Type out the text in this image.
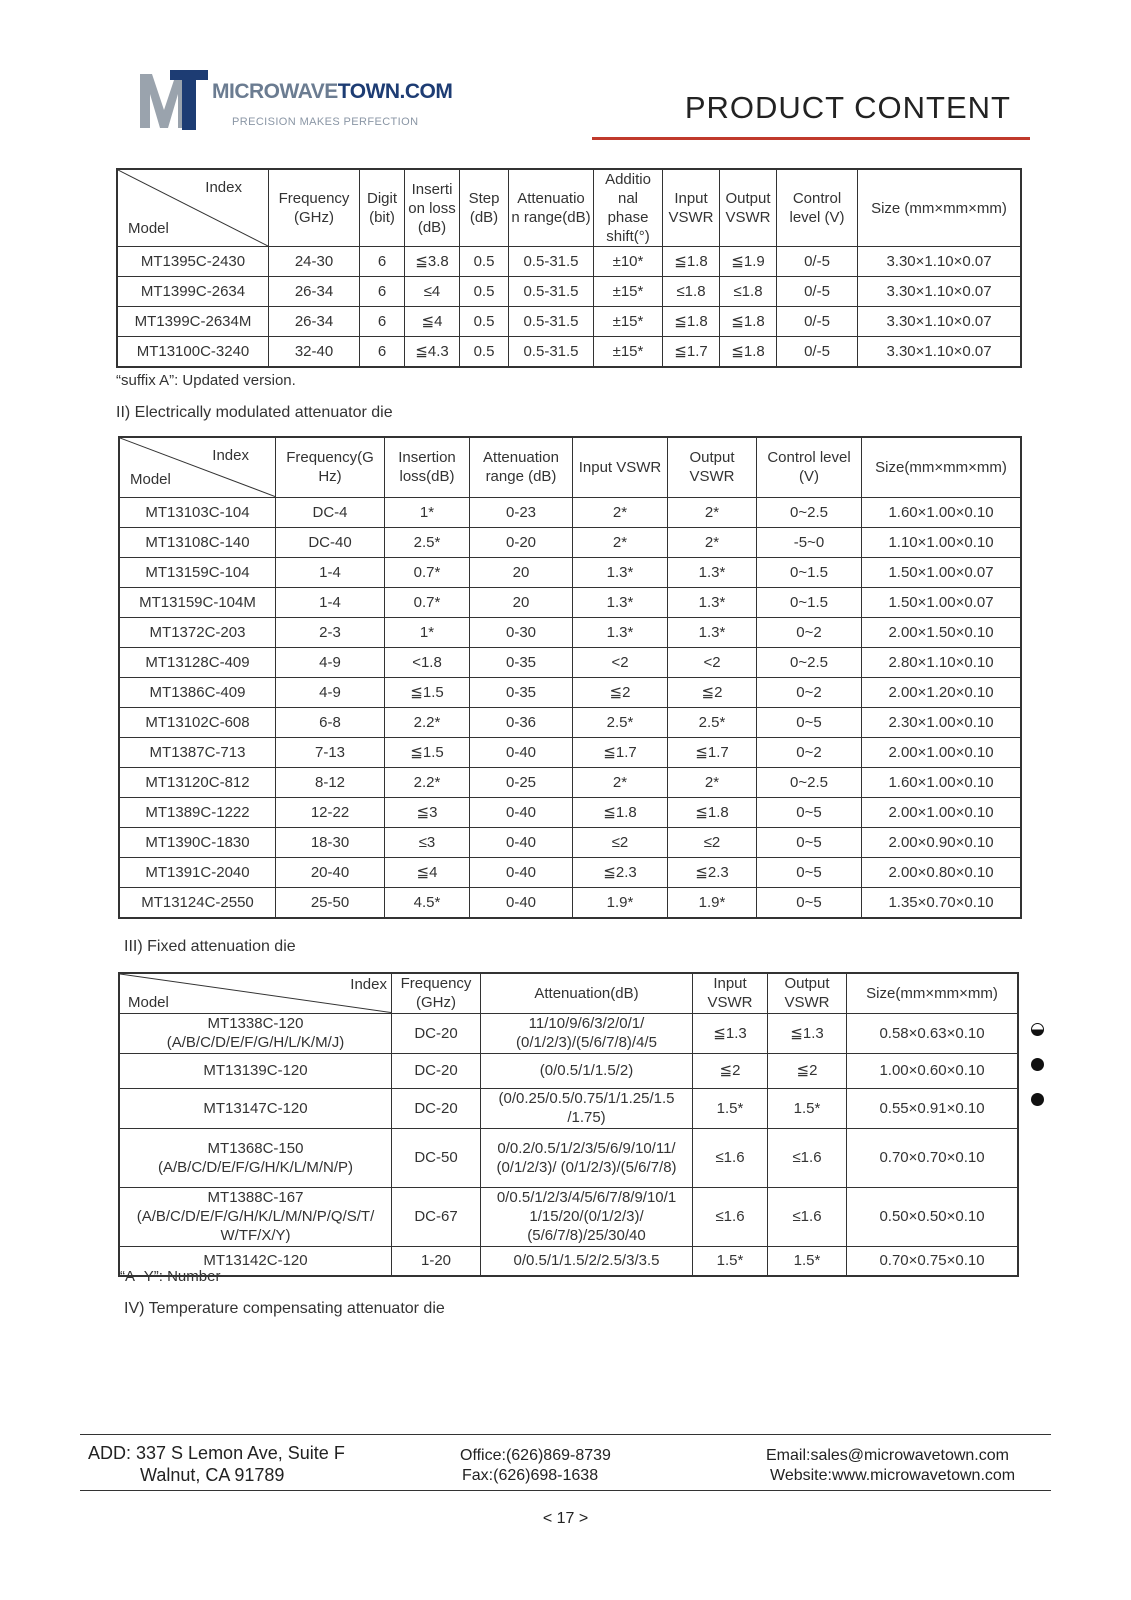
MICROWAVETOWN.COM
PRECISION MAKES PERFECTION	PRODUCT CONTENT
Index
Model	Frequency (GHz)	Digit (bit)	Inserti on loss (dB)	Step (dB)	Attenuatio n range(dB)	Additio nal phase shift(°)	Input VSWR	Output VSWR	Control level (V)	Size (mm×mm×mm)
MT1395C-2430	24-30	6	≦3.8	0.5	0.5-31.5	±10*	≦1.8	≦1.9	0/-5	3.30×1.10×0.07
MT1399C-2634	26-34	6	≤4	0.5	0.5-31.5	±15*	≤1.8	≤1.8	0/-5	3.30×1.10×0.07
MT1399C-2634M	26-34	6	≦4	0.5	0.5-31.5	±15*	≦1.8	≦1.8	0/-5	3.30×1.10×0.07
MT13100C-3240	32-40	6	≦4.3	0.5	0.5-31.5	±15*	≦1.7	≦1.8	0/-5	3.30×1.10×0.07
“suffix A”: Updated version.
II) Electrically modulated attenuator die
Index
Model	Frequency(G Hz)	Insertion loss(dB)	Attenuation range (dB)	Input VSWR	Output VSWR	Control level (V)	Size(mm×mm×mm)
MT13103C-104	DC-4	1*	0-23	2*	2*	0~2.5	1.60×1.00×0.10
MT13108C-140	DC-40	2.5*	0-20	2*	2*	-5~0	1.10×1.00×0.10
MT13159C-104	1-4	0.7*	20	1.3*	1.3*	0~1.5	1.50×1.00×0.07
MT13159C-104M	1-4	0.7*	20	1.3*	1.3*	0~1.5	1.50×1.00×0.07
MT1372C-203	2-3	1*	0-30	1.3*	1.3*	0~2	2.00×1.50×0.10
MT13128C-409	4-9	<1.8	0-35	<2	<2	0~2.5	2.80×1.10×0.10
MT1386C-409	4-9	≦1.5	0-35	≦2	≦2	0~2	2.00×1.20×0.10
MT13102C-608	6-8	2.2*	0-36	2.5*	2.5*	0~5	2.30×1.00×0.10
MT1387C-713	7-13	≦1.5	0-40	≦1.7	≦1.7	0~2	2.00×1.00×0.10
MT13120C-812	8-12	2.2*	0-25	2*	2*	0~2.5	1.60×1.00×0.10
MT1389C-1222	12-22	≦3	0-40	≦1.8	≦1.8	0~5	2.00×1.00×0.10
MT1390C-1830	18-30	≤3	0-40	≤2	≤2	0~5	2.00×0.90×0.10
MT1391C-2040	20-40	≦4	0-40	≦2.3	≦2.3	0~5	2.00×0.80×0.10
MT13124C-2550	25-50	4.5*	0-40	1.9*	1.9*	0~5	1.35×0.70×0.10
III) Fixed attenuation die
Index
Model	Frequency (GHz)	Attenuation(dB)	Input VSWR	Output VSWR	Size(mm×mm×mm)
MT1338C-120 (A/B/C/D/E/F/G/H/L/K/M/J)	DC-20	11/10/9/6/3/2/0/1/ (0/1/2/3)/(5/6/7/8)/4/5	≦1.3	≦1.3	0.58×0.63×0.10
MT13139C-120	DC-20	(0/0.5/1/1.5/2)	≦2	≦2	1.00×0.60×0.10
MT13147C-120	DC-20	(0/0.25/0.5/0.75/1/1.25/1.5 /1.75)	1.5*	1.5*	0.55×0.91×0.10
MT1368C-150 (A/B/C/D/E/F/G/H/K/L/M/N/P)	DC-50	0/0.2/0.5/1/2/3/5/6/9/10/11/ (0/1/2/3)/ (0/1/2/3)/(5/6/7/8)	≤1.6	≤1.6	0.70×0.70×0.10
MT1388C-167 (A/B/C/D/E/F/G/H/K/L/M/N/P/Q/S/T/ W/TF/X/Y)	DC-67	0/0.5/1/2/3/4/5/6/7/8/9/10/1 1/15/20/(0/1/2/3)/ (5/6/7/8)/25/30/40	≤1.6	≤1.6	0.50×0.50×0.10
MT13142C-120	1-20	0/0.5/1/1.5/2/2.5/3/3.5	1.5*	1.5*	0.70×0.75×0.10
“A~Y”: Number
IV) Temperature compensating attenuator die
ADD: 337 S Lemon Ave, Suite F
Walnut, CA 91789
Office:(626)869-8739
Fax:(626)698-1638
Email:sales@microwavetown.com
Website:www.microwavetown.com
< 17 >
